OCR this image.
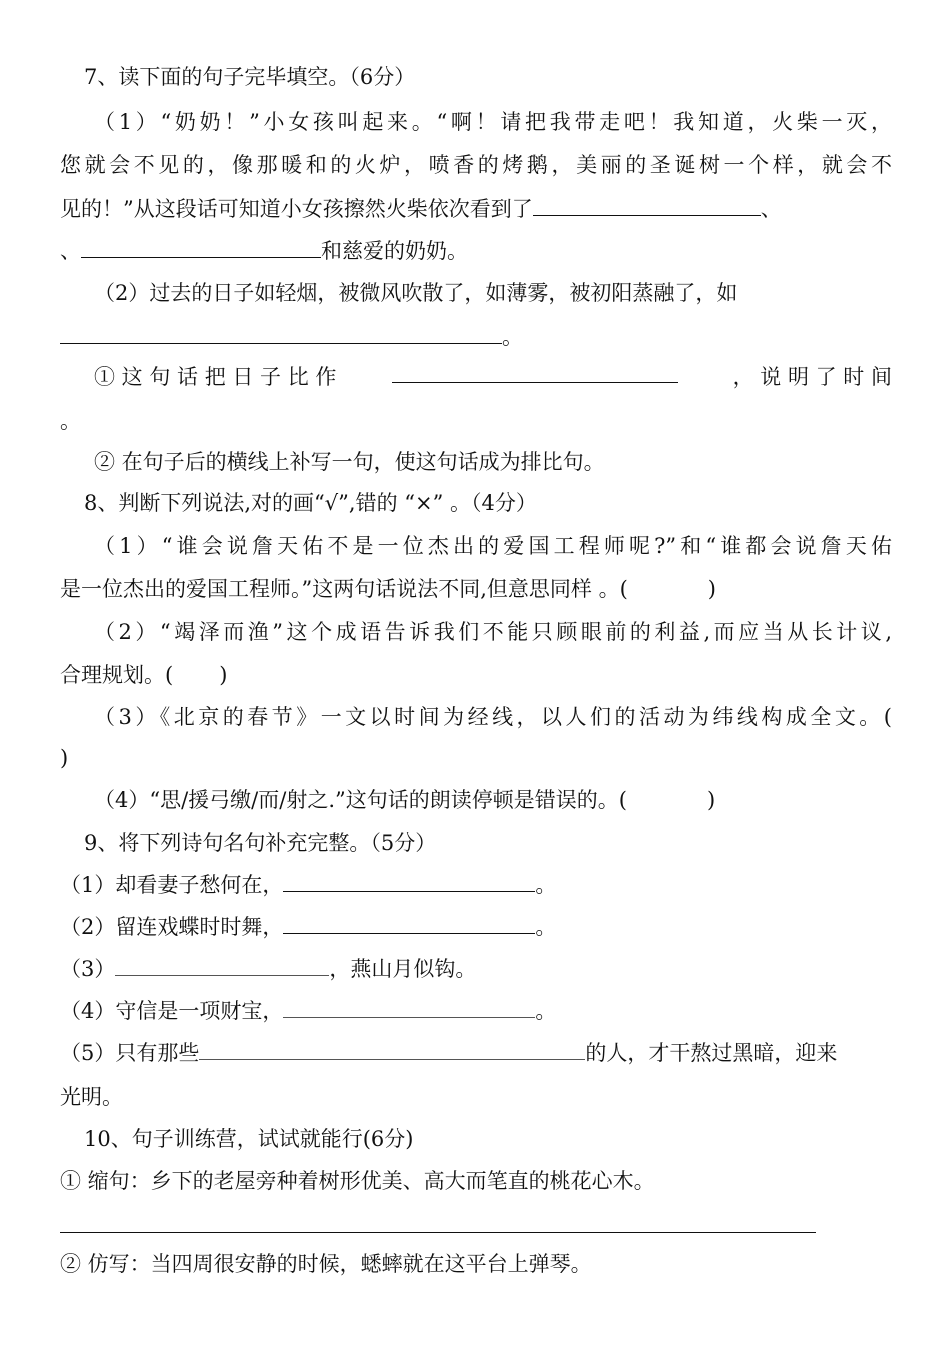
7、读下面的句子完毕填空。（6分）
（1）“奶奶！”小女孩叫起来。“啊！请把我带走吧！我知道，火柴一灭，
您就会不见的，像那暖和的火炉，喷香的烤鹅，美丽的圣诞树一个样，就会不
见的！”从这段话可知道小女孩擦然火柴依次看到了	、
、	和慈爱的奶奶。
（2）过去的日子如轻烟，被微风吹散了，如薄雾，被初阳蒸融了，如
。
① 这 句 话 把 日 子 比 作	， 说 明 了 时 间
。
② 在句子后的横线上补写一句，使这句话成为排比句。
8、判断下列说法,对的画“√”,错的 “×” 。（4分）
（1）“谁会说詹天佑不是一位杰出的爱国工程师呢?”和“谁都会说詹天佑
是一位杰出的爱国工程师。”这两句话说法不同,但意思同样 。(	)
（2）“竭泽而渔”这个成语告诉我们不能只顾眼前的利益,而应当从长计议,
合理规划。( )
（3）《北京的春节》一文以时间为经线，以人们的活动为纬线构成全文。(
)
（4）“思/援弓缴/而/射之.”这句话的朗读停顿是错误的。(	)
9、将下列诗句名句补充完整。（5分）
（1）却看妻子愁何在，	。
（2）留连戏蝶时时舞，	。
（3）	，燕山月似钩。
（4）守信是一项财宝，	。
（5）只有那些	的人，才干熬过黑暗，迎来
光明。
10、句子训练营，试试就能行(6分)
① 缩句：乡下的老屋旁种着树形优美、高大而笔直的桃花心木。
② 仿写：当四周很安静的时候，蟋蟀就在这平台上弹琴。
